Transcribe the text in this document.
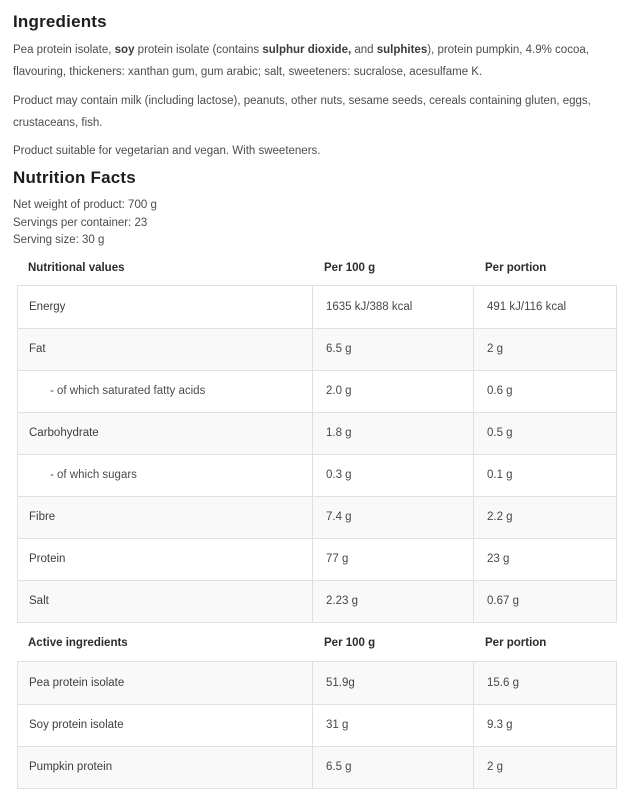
Ingredients

Pea protein isolate, soy protein isolate (contains sulphur dioxide, and sulphites), protein pumpkin, 4.9% cocoa, flavouring, thickeners: xanthan gum, gum arabic; salt, sweeteners: sucralose, acesulfame K.

Product may contain milk (including lactose), peanuts, other nuts, sesame seeds, cereals containing gluten, eggs, crustaceans, fish.

Product suitable for vegetarian and vegan. With sweeteners.

Nutrition Facts
Net weight of product: 700 g
Servings per container: 23
Serving size: 30 g
Nutritional values	Per 100 g	Per portion
Energy	1635 kJ/388 kcal	491 kJ/116 kcal
Fat	6.5 g	2 g
- of which saturated fatty acids	2.0 g	0.6 g
Carbohydrate	1.8 g	0.5 g
- of which sugars	0.3 g	0.1 g
Fibre	7.4 g	2.2 g
Protein	77 g	23 g
Salt	2.23 g	0.67 g
Active ingredients	Per 100 g	Per portion
Pea protein isolate	51.9g	15.6 g
Soy protein isolate	31 g	9.3 g
Pumpkin protein	6.5 g	2 g
